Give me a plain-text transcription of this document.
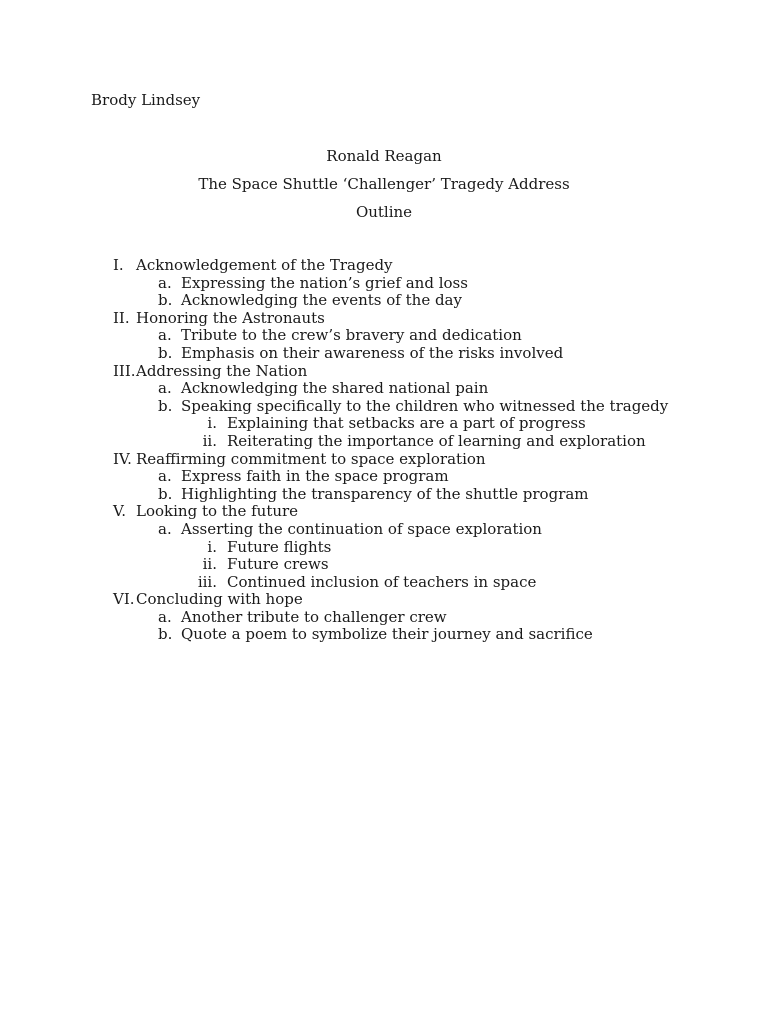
Brody Lindsey
Ronald Reagan
The Space Shuttle ‘Challenger’ Tragedy Address
Outline
I. Acknowledgement of the Tragedy
a. Expressing the nation’s grief and loss
b. Acknowledging the events of the day
II. Honoring the Astronauts
a. Tribute to the crew’s bravery and dedication
b. Emphasis on their awareness of the risks involved
III. Addressing the Nation
a. Acknowledging the shared national pain
b. Speaking specifically to the children who witnessed the tragedy
i. Explaining that setbacks are a part of progress
ii. Reiterating the importance of learning and exploration
IV. Reaffirming commitment to space exploration
a. Express faith in the space program
b. Highlighting the transparency of the shuttle program
V. Looking to the future
a. Asserting the continuation of space exploration
i. Future flights
ii. Future crews
iii. Continued inclusion of teachers in space
VI. Concluding with hope
a. Another tribute to challenger crew
b. Quote a poem to symbolize their journey and sacrifice
